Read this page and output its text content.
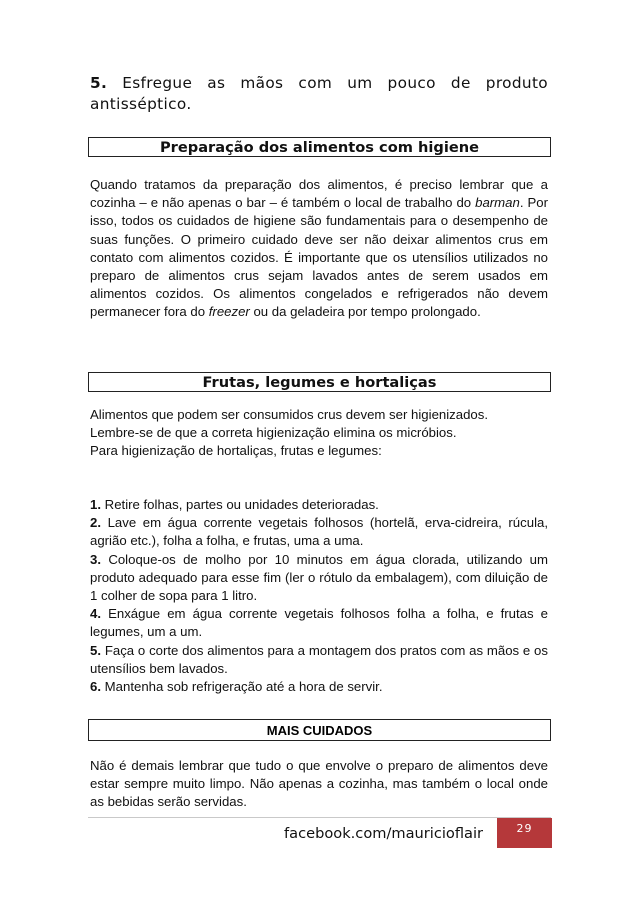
5. Esfregue as mãos com um pouco de produto antisséptico.
Preparação dos alimentos com higiene
Quando tratamos da preparação dos alimentos, é preciso lembrar que a cozinha – e não apenas o bar – é também o local de trabalho do barman. Por isso, todos os cuidados de higiene são fundamentais para o desempenho de suas funções. O primeiro cuidado deve ser não deixar alimentos crus em contato com alimentos cozidos. É importante que os utensílios utilizados no preparo de alimentos crus sejam lavados antes de serem usados em alimentos cozidos. Os alimentos congelados e refrigerados não devem permanecer fora do freezer ou da geladeira por tempo prolongado.
Frutas, legumes e hortaliças
Alimentos que podem ser consumidos crus devem ser higienizados.
Lembre-se de que a correta higienização elimina os micróbios.
Para higienização de hortaliças, frutas e legumes:
1. Retire folhas, partes ou unidades deterioradas.
2. Lave em água corrente vegetais folhosos (hortelã, erva-cidreira, rúcula, agrião etc.), folha a folha, e frutas, uma a uma.
3. Coloque-os de molho por 10 minutos em água clorada, utilizando um produto adequado para esse fim (ler o rótulo da embalagem), com diluição de 1 colher de sopa para 1 litro.
4. Enxágue em água corrente vegetais folhosos folha a folha, e frutas e legumes, um a um.
5. Faça o corte dos alimentos para a montagem dos pratos com as mãos e os utensílios bem lavados.
6. Mantenha sob refrigeração até a hora de servir.
MAIS CUIDADOS
Não é demais lembrar que tudo o que envolve o preparo de alimentos deve estar sempre muito limpo. Não apenas a cozinha, mas também o local onde as bebidas serão servidas.
facebook.com/mauricioflair	29
